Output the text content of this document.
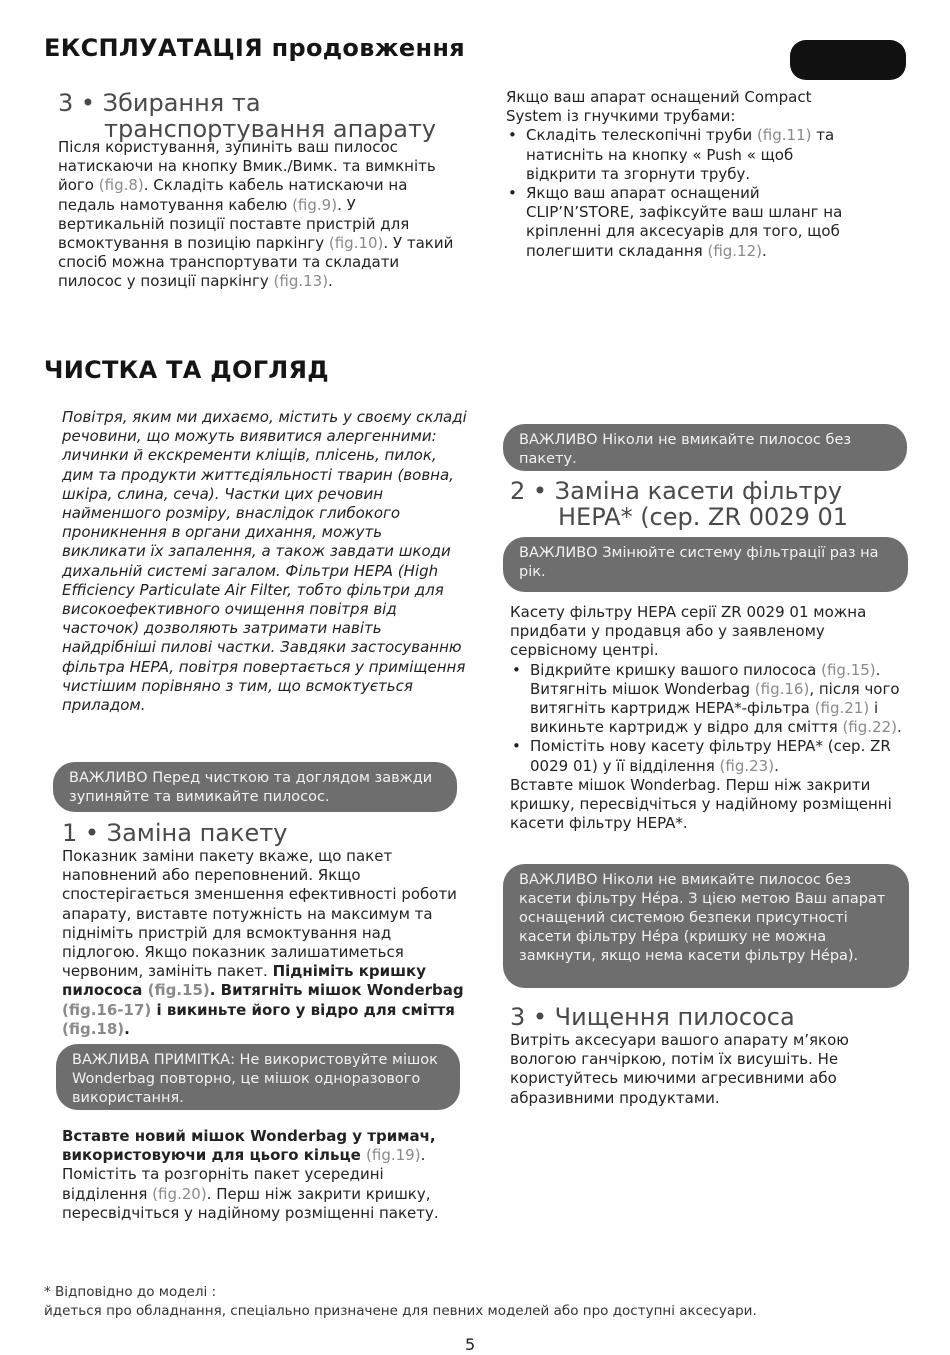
ЕКСПЛУАТАЦІЯ продовження
3 • Збирання та
транспортування апарату
Після користування, зупиніть ваш пилосос натискаючи на кнопку Вмик./Вимк. та вимкніть його (fig.8). Складіть кабель натискаючи на педаль намотування кабелю (fig.9). У вертикальній позиції поставте пристрій для всмоктування в позицію паркінгу (fig.10). У такий спосіб можна транспортувати та складати пилосос у позиції паркінгу (fig.13).
Якщо ваш апарат оснащений Compact System із гнучкими трубами:
• Складіть телескопічні труби (fig.11) та натисніть на кнопку « Push « щоб відкрити та згорнути трубу.
• Якщо ваш апарат оснащений CLIP’N’STORE, зафіксуйте ваш шланг на кріпленні для аксесуарів для того, щоб полегшити складання (fig.12).
ЧИСТКА ТА ДОГЛЯД
Повітря, яким ми дихаємо, містить у своєму складі речовини, що можуть виявитися алергенними: личинки й екскременти кліщів, плісень, пилок, дим та продукти життєдіяльності тварин (вовна, шкіра, слина, сеча). Частки цих речовин найменшого розміру, внаслідок глибокого проникнення в органи дихання, можуть викликати їх запалення, а також завдати шкоди дихальній системі загалом. Фільтри HEPA (High Efficiency Particulate Air Filter, тобто фільтри для високоефективного очищення повітря від часточок) дозволяють затримати навіть найдрібніші пилові частки. Завдяки застосуванню фільтра HEPA, повітря повертається у приміщення чистішим порівняно з тим, що всмоктується приладом.
ВАЖЛИВО Перед чисткою та доглядом завжди зупиняйте та вимикайте пилосос.
1 • Заміна пакету
Показник заміни пакету вкаже, що пакет наповнений або переповнений. Якщо спостерігається зменшення ефективності роботи апарату, виставте потужність на максимум та підніміть пристрій для всмоктування над підлогою. Якщо показник залишатиметься червоним, замініть пакет. Підніміть кришку пилососа (fig.15). Витягніть мішок Wonderbag (fig.16-17) і викиньте його у відро для сміття (fig.18).
ВАЖЛИВА ПРИМІТКА: Не використовуйте мішок Wonderbag повторно, це мішок одноразового використання.
Вставте новий мішок Wonderbag у тримач, використовуючи для цього кільце (fig.19). Помістіть та розгорніть пакет усередині відділення (fig.20). Перш ніж закрити кришку, пересвідчіться у надійному розміщенні пакету.
ВАЖЛИВО Ніколи не вмикайте пилосос без пакету.
2 • Заміна касети фільтру
HEPA* (сер. ZR 0029 01
ВАЖЛИВО Змінюйте систему фільтрації раз на рік.
Касету фільтру HEPA серії ZR 0029 01 можна придбати у продавця або у заявленому сервісному центрі.
• Відкрийте кришку вашого пилососа (fig.15). Витягніть мішок Wonderbag (fig.16), після чого витягніть картридж HEPA*-фільтра (fig.21) і викиньте картридж у відро для сміття (fig.22).
• Помістіть нову касету фільтру HEPA* (сер. ZR 0029 01) у її відділення (fig.23).
Вставте мішок Wonderbag. Перш ніж закрити кришку, пересвідчіться у надійному розміщенні касети фільтру HEPA*.
ВАЖЛИВО Ніколи не вмикайте пилосос без касети фільтру Нéра. З цією метою Ваш апарат оснащений системою безпеки присутності касети фільтру Нéра (кришку не можна замкнути, якщо нема касети фільтру Нéра).
3 • Чищення пилососа
Витріть аксесуари вашого апарату м’якою вологою ганчіркою, потім їх висушіть. Не користуйтесь миючими агресивними або абразивними продуктами.
* Відповідно до моделі :
йдеться про обладнання, спеціально призначене для певних моделей або про доступні аксесуари.
5
